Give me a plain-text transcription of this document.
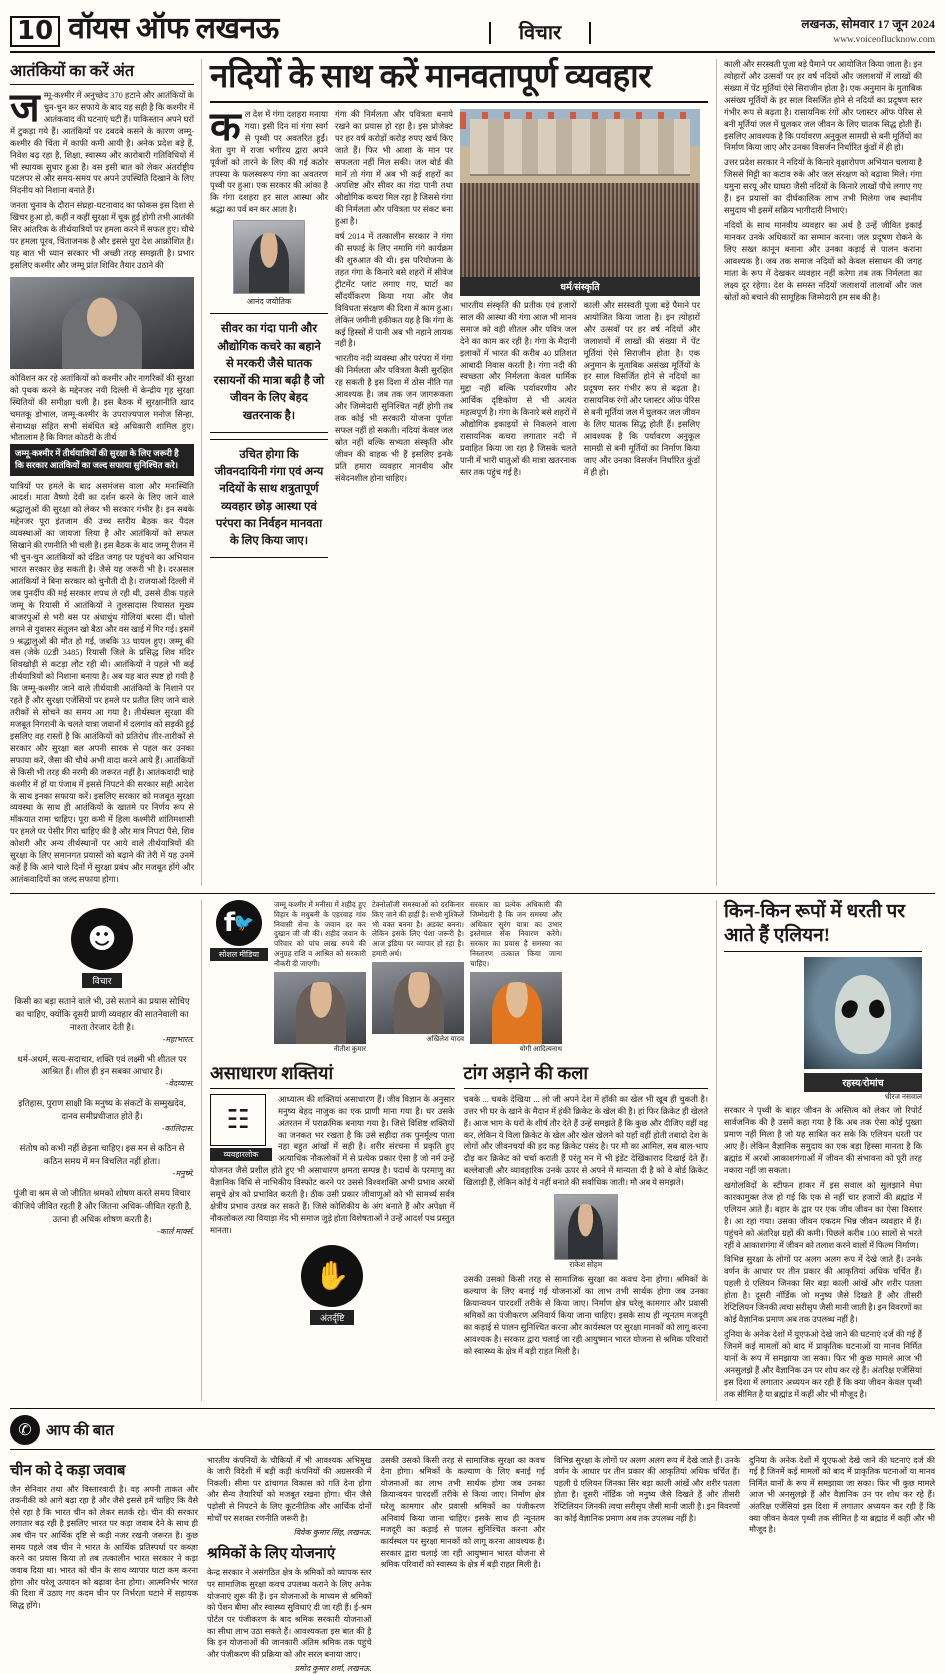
10 वॉयस ऑफ लखनऊ	विचार	लखनऊ, सोमवार 17 जून 2024
www.voiceoflucknow.com
आतंकियों का करें अंत
ज म्मू-कश्मीर में अनुच्छेद 370 हटाने और आतंकियों के चुन-चुन कर सफाये के बाद यह सही है कि कश्मीर में आतंकवाद की घटनाएं घटी हैं। पाकिस्तान अपने घरों में टुकड़ा गये हैं। आतंकियों पर दबदबे कसने के कारण जम्मू-कश्मीर की चिंता में काफी कमी आयी है। अनेक प्रदेश बड़े हैं, निवेश बढ़ रहा है, शिक्षा, स्वास्थ्य और कारोबारी गतिविधियों में भी स्थायक सुधार हुआ है। वस इसी बात को लेकर अंतर्राष्ट्रीय पटलपर से और समय-समय पर अपने उपस्थिति दिखाने के लिए निंदनीय को निशाना बनाते हैं।
जनता चुनाव के दौरान संघ्रहा-घटनावाद का फोकस इस दिशा से खिचर हुआ हो, कहीं न कहीं सुरक्षा में चूक हुई होगी तभी आतंकी सिर आंतरिक के तीर्थयात्रियों पर हमला करने में सफल हुए। चौथे पर हमला पूरव, चिंताजनक है और इससे पूरा देश आक्रोशित है। यह बात भी ध्यान सरकार भी अच्छी तरह समझती है। प्रभार इसलिए कश्मीर और जम्मू प्रांत शिविर तैयार उठाने की
कोविशन कर रहे अतांकियों को कश्मीर और नागरिकों की सुरक्षा को पृथक करने के मद्देनजर नयी दिल्ली में केन्द्रीय गृह सुरक्षा स्थितियों की समीक्षा चली है। इस बैठक में सुरक्षानीति खाद चमतकू डोभाल, जम्मू-कश्मीर के उपराज्यपाल मनोज सिन्हा, सेनाध्यक्ष सहित सभी संबंधित बड़े अधिकारी शामिल हुए। भौतालाम है कि विगत कोठरी के तीर्थ
जम्मू-कश्मीर में तीर्थयात्रियों की सुरक्षा के लिए जरूरी है कि सरकार आतंकियों का जल्द सफाया सुनिश्चित करे।
यात्रियों पर हमले के बाद असमंजस वाला और मनःस्थिति आदर्श। माता वैष्णो देवी का दर्शन करने के लिए जाने वाले श्रद्धालुओं की सुरक्षा को लेकर भी सरकार गंभीर है। इन सबके मद्देनजर पूरा इंतजाम की उच्च स्तरीय बैठक कर पैदल व्यवस्थाओं का जायजा लिया है और आतंकियों को सफल सिखाने की रणनीति भी चली है। इस बैठक के बाद जम्मू रीजन में भी चुन-चुन आतंकियों को दंडित जगह पर पहुंचने का अभियान भारत सरकार छेड़ सकती है। जैसे यह जरूरी भी है। दरअसल आतंकियों ने बिना सरकार को चुनौती दी है। राजयाओं दिल्ली में जब पुनर्दीप की मई सरकार शपथ ले रही थी, उससे ठीक पहले जम्मू के रियासी में आतंकियों ने तुलसादास रियासत मुख्य बाजरपुओं से भरी बस पर अंधाधुंध गोलियां बरसा दीं। घोलो लगने से युवासर संतुलन खो बैठा और वस खाई में गिर गई। इसमें 9 श्रद्धालुओं की मौत हो गई, जबकि 33 घायल हुए। जम्मू की वस (जेके 02डी 3485) रियासी जिले के प्रसिद्ध शिव मंदिर शिवखोड़ी से कटड़ा लौट रही थी। आतंकियों ने पहले भी कई तीर्थयात्रियों को निशाना बनाया है। अब यह बात स्पष्ट हो गयी है कि जम्मू-कश्मीर जाने वाले तीर्थयात्री आतंकियों के निशाने पर रहते हैं और सुरक्षा एजेंसियों पर हमले पर प्रतीत लिए जाने वाले तरीकों से सोचने का समय आ गया है। तीर्थस्थल सुरक्षा की मजबूत निगरानी के चलते यात्रा जवानों में दलगांव को सड़की हुई इसलिए वह रास्तों है कि आतंकियों को प्रतिरोध तीर-तारीकों से सरकार और सुरक्षा बल अपनी सारक से पहल कर उनका सफाया करें, जैसा की चौथे अभी वादा करने आये हैं। आतंकियों से किसी भी तरह की नरमी की जरूरत नहीं है। आतंकवादी चाहे कश्मीर में हों या पंजाब में इससे निपटने की सरकार सही आदेश के साथ इनका सफाया करें। इसलिए सरकार को मजबूत सुरक्षा व्यवस्था के साथ ही आतंकियों के खातमे पर निर्णय रूप से मॉकयात रामा चाहिए। पूरा कमी में हिला कश्मीरी शांतिमशासी पर हमले पर पेसीर गिरा चाहिए की है और मात्र निपटा पैसे, शिव कोशरी और अन्य तीर्थस्थानों पर आये वाले तीर्थयात्रियों की सुरक्षा के लिए समानगत प्रयासों को बढ़ाने की तेरी में यह उनमें कहें हैं कि आने चाले दिनों में सुरक्षा प्रबंध और मजबूत होंगे और आतंकवादियों का जल्द सफाया होगा।
नदियों के साथ करें मानवतापूर्ण व्यवहार
क ल देश में गंगा दशहरा मनाया गया। इसी दिन मां गंगा स्वर्ग से पृथ्वी पर अवतरित हुईं। त्रेता युग में राजा भगीरथ द्वारा अपने पूर्वजों को तारने के लिए की गई कठोर तपस्या के फलस्वरूप गंगा का अवतरण पृथ्वी पर हुआ। एक सरकार की आंका है कि गंगा दशहरा हर साल आस्था और श्रद्धा का पर्व बन कर आता है।
आनंद जयोतिक
सीवर का गंदा पानी और औद्योगिक कचरे का बहाने से मरकरी जैसे घातक रसायनों की मात्रा बढ़ी है जो जीवन के लिए बेहद खतरनाक है।
उचित होगा कि जीवनदायिनी गंगा एवं अन्य नदियों के साथ शत्रुतापूर्ण व्यवहार छोड़ आस्था एवं परंपरा का निर्वहन मानवता के लिए किया जाए।
गंगा की निर्मलता और पवित्रता बनाये रखने का प्रयास हो रहा है। इस प्रोजेक्ट पर हर वर्ष करोड़ों करोड़ रुपए खर्च किए जाते हैं। फिर भी आशा के मान पर सफलता नहीं मिल सकी। जल बोर्ड की मानें तो गंगा में अब भी कई शहरों का अपशिष्ट और सीवर का गंदा पानी तथा औद्योगिक कचरा मिल रहा है जिससे गंगा की निर्मलता और पवित्रता पर संकट बना हुआ है।
वर्ष 2014 में तत्कालीन सरकार ने गंगा की सफाई के लिए नमामि गंगे कार्यक्रम की शुरुआत की थी। इस परियोजना के तहत गंगा के किनारे बसे शहरों में सीवेज ट्रीटमेंट प्लांट लगाए गए, घाटों का सौंदर्यीकरण किया गया और जैव विविधता संरक्षण की दिशा में काम हुआ। लेकिन जमीनी हकीकत यह है कि गंगा के कई हिस्सों में पानी अब भी नहाने लायक नहीं है।
भारतीय नदी व्यवस्था और परंपरा में गंगा की निर्मलता और पवित्रता कैसी सुरक्षित रह सकती है इस दिशा में ठोस नीति गत आवश्यक है। जब तक जन जागरूकता और जिम्मेदारी सुनिश्चित नहीं होगी तब तक कोई भी सरकारी योजना पूर्णतः सफल नहीं हो सकती। नदियां केवल जल स्रोत नहीं बल्कि सभ्यता संस्कृति और जीवन की वाहक भी हैं इसलिए इनके प्रति हमारा व्यवहार मानवीय और संवेदनशील होना चाहिए।
धर्म/संस्कृति
भारतीय संस्कृति की प्रतीक एवं हजारों साल की आस्था की गंगा आज भी मानव समाज को वही शीतल और पवित्र जल देने का काम कर रही है। गंगा के मैदानी इलाकों में भारत की करीब 40 प्रतिशत आबादी निवास करती है। गंगा नदी की स्वच्छता और निर्मलता केवल धार्मिक मुद्दा नहीं बल्कि पर्यावरणीय और आर्थिक दृष्टिकोण से भी अत्यंत महत्वपूर्ण है। गंगा के किनारे बसे शहरों में औद्योगिक इकाइयों से निकलने वाला रासायनिक कचरा लगातार नदी में प्रवाहित किया जा रहा है जिसके चलते पानी में भारी धातुओं की मात्रा खतरनाक स्तर तक पहुंच गई है।
काली और सरस्वती पूजा बड़े पैमाने पर आयोजित किया जाता है। इन त्योहारों और उत्सवों पर हर वर्ष नदियों और जलाशयों में लाखों की संख्या में पेंट मूर्तियां ऐसे सिराजीन होता है। एक अनुमान के मुताबिक असंख्य मूर्तियों के हर साल विसर्जित होने से नदियों का प्रदूषण स्तर गंभीर रूप से बढ़ता है। रासायनिक रंगों और प्लास्टर ऑफ पेरिस से बनी मूर्तियां जल में घुलकर जल जीवन के लिए घातक सिद्ध होती हैं। इसलिए आवश्यक है कि पर्यावरण अनुकूल सामग्री से बनी मूर्तियों का निर्माण किया जाए और उनका विसर्जन निर्धारित कुंडों में ही हो।
काली और सरस्वती पूजा बड़े पैमाने पर आयोजित किया जाता है। इन त्योहारों और उत्सवों पर हर वर्ष नदियों और जलाशयों में लाखों की संख्या में पेंट मूर्तियां ऐसे सिराजीन होता है। एक अनुमान के मुताबिक असंख्य मूर्तियों के हर साल विसर्जित होने से नदियों का प्रदूषण स्तर गंभीर रूप से बढ़ता है। रासायनिक रंगों और प्लास्टर ऑफ पेरिस से बनी मूर्तियां जल में घुलकर जल जीवन के लिए घातक सिद्ध होती हैं। इसलिए आवश्यक है कि पर्यावरण अनुकूल सामग्री से बनी मूर्तियों का निर्माण किया जाए और उनका विसर्जन निर्धारित कुंडों में ही हो।
उत्तर प्रदेश सरकार ने नदियों के किनारे वृक्षारोपण अभियान चलाया है जिससे मिट्टी का कटाव रुके और जल संरक्षण को बढ़ावा मिले। गंगा यमुना सरयू और घाघरा जैसी नदियों के किनारे लाखों पौधे लगाए गए हैं। इन प्रयासों का दीर्घकालिक लाभ तभी मिलेगा जब स्थानीय समुदाय भी इसमें सक्रिय भागीदारी निभाएं।
नदियों के साथ मानवीय व्यवहार का अर्थ है उन्हें जीवित इकाई मानकर उनके अधिकारों का सम्मान करना। जल प्रदूषण रोकने के लिए सख्त कानून बनाना और उनका कड़ाई से पालन कराना आवश्यक है। जब तक समाज नदियों को केवल संसाधन की जगह माता के रूप में देखकर व्यवहार नहीं करेगा तब तक निर्मलता का लक्ष्य दूर रहेगा। देश के समस्त नदियों जलाशयों तालाबों और जल स्रोतों को बचाने की सामूहिक जिम्मेदारी हम सब की है।
☻
विचार
किसी का बड़ा सताने वाले भी, उसे सताने का प्रयास सोचिए का चाहिए, क्योंकि दूसरी प्राणी व्यवहार की सातनेवाली का नाश्ता तेरजार देती है।
-महाभारत.
धर्म-अधर्म, सत्य-सदाचार, शक्ति एवं लक्ष्मी भी शीतल पर आश्रित हैं। शील ही इन सबका आधार है।
-वेदव्यास.
इतिहास, पुराण साक्षी कि मनुष्य के संकटों के सम्मुखदेव, दानव समीप्रधीजात होते हैं।
-कालिदास.
संतोष को कभी नहीं छेड़ना चाहिए। इस मन से कठिन से कठिन समय में मन विचलित नहीं होता।
-मनुष्मे.
पूंजी वा श्रम से जो जीतित श्रमको शोषण करते समय विचार कीजिये जीवित रहती है और जितना अधिक-जीवित रहती है, उतना ही अधिक शोषण करती है।
-कार्ल मार्क्स.
f
🐦
सोशल मीडिया
जम्मू कश्मीर में मनीसा में शहीद हुए विहार के मधुबनी के एहरवाह गांव निवासी सेना के जवान दर कर दुखान जी जी की। शहीद जवान के परिवार को पांच लाख रुपये की अनुग्रह राशि व आश्रित को सरकारी नौकरी दी जाएगी।
नीतीश कुमार
टेक्नोलॉजी समस्याओं को दरकिनार किए जाने की हाहीं है। सभी मुश्किलें भी वक्त बनना है। अडक्ट बनना। लेकिन इसके लिए पेशा जरूरी है। आज इंडिया पर व्यापार हो रहा है। हमारी अर्थ।
अखिलेश यादव
सरकार का प्रत्येक अधिकारी की जिम्मेदारी है कि जन समस्या और अधिकार सुरंग यात्रा का उभार इस्तेमाल सेंक निवारण करेंगे। सरकार का प्रयास है समस्या का निस्तारण तत्काल किया जाना चाहिए।
योगी आदित्यनाथ
असाधारण शक्तियां
☷
व्यवहारलोक
आध्यात्म की शक्तियां असाधारण हैं। जीव विज्ञान के अनुसार मनुष्य बेहद नाजुक का एक प्राणी माना गया है। घर उसके अंतरतन में पराक्रमिक बनाया गया है। जिसे विशिष्ट शक्तियों का जनकत भर रखता है कि उसे सहीदा तक पुनर्मूल्य पाता नहा बहुत आंखों में सही है। शरीर संरचना में प्रकृति हुए अत्याधिक नौकलोकों में से प्रत्येक प्रकार ऐसा है जो नर्म उन्हें योजनत जैसे प्रशील होते हुए भी असाधारण क्षमता सम्पन्न है। पदार्थ के परमाणु का वैज्ञानिक विधि से नाभिकीय विस्फोट करने पर उससे विश्वशक्ति अभी प्रभाव अरबों समूचे क्षेत्र को प्रभावित करती है। ठीक उसी प्रकार जीवाणुओं को भी सामर्थ्य सर्वत्र क्षेत्रीय प्रभाव उत्पन्न कर सकते हैं। जिसे कोशिकीय के अंग बनाते हैं और अपेक्षा में नौकलोकल त्या वियाड़ा मेंद भी समाज जुड़े होता विशेषताओं ने उन्हें आदर्श पथ प्रस्तुत मानता।
✋
अंतर्दृष्टि
टांग अड़ाने की कला
चबके ... चबके देखिया ... लो जी अपने देश में हॉकी का खेल भी खूब ही चुकती है। उत्तर भी घर के खाने के मैदान में हंकी क्रिकेट के खेल की है। हां फिर क्रिकेट ही खेलते हैं। आज भाग के घरों के शीर्ष तौर देते हैं उन्हें समझते हैं कि कुछ और दीजिए वहीं वह कर, लेकिन ये विला क्रिकेट के खेल और खेल खेलने को यहाँ वहीं होती तबादो देश के लोगों और जीवनचर्या की हद कह क्रिकेट पसंद है। पर मौ का आमिल, सब बाल-भाप दौड़ कर क्रिकेट को चर्चा कराती हैं परंतु मन में भी इंडेंट देखिंकाराद दिखाई देते हैं। बल्लेबाज़ी और व्यावहारिक उनके ऊपर से अपने में मान्यता दी है को वे बोर्ड क्रिकेट खिलाड़ी हैं, लेकिन कोई ये नहीं बनाते की सर्वाधिक जाती। मौ अब ये समझते।
राकेश सोहम
उसकी उसको किसी तरह से सामाजिक सुरक्षा का कवच देना होगा। श्रमिकों के कल्याण के लिए बनाई गई योजनाओं का लाभ तभी सार्थक होगा जब उनका क्रियान्वयन पारदर्शी तरीके से किया जाए। निर्माण क्षेत्र घरेलू कामगार और प्रवासी श्रमिकों का पंजीकरण अनिवार्य किया जाना चाहिए। इसके साथ ही न्यूनतम मजदूरी का कड़ाई से पालन सुनिश्चित करना और कार्यस्थल पर सुरक्षा मानकों को लागू करना आवश्यक है। सरकार द्वारा चलाई जा रही आयुष्मान भारत योजना से श्रमिक परिवारों को स्वास्थ्य के क्षेत्र में बड़ी राहत मिली है।
किन-किन रूपों में धरती पर आते हैं एलियन!
रहस्य/रोमांच
धीरज नसवाल
सरकार ने पृथ्वी के बाहर जीवन के अस्तित्व को लेकर जो रिपोर्ट सार्वजनिक की है उसमें कहा गया है कि अब तक ऐसा कोई पुख्ता प्रमाण नहीं मिला है जो यह साबित कर सके कि एलियन धरती पर आए हैं। लेकिन वैज्ञानिक समुदाय का एक बड़ा हिस्सा मानता है कि ब्रह्मांड में अरबों आकाशगंगाओं में जीवन की संभावना को पूरी तरह नकारा नहीं जा सकता।
खगोलविदों के स्टीफन हाकर में इस सवाल को सुलझाने मेधा कारकामुक्त तेज हो गई कि एक से नहीं चार हजारों की ब्रह्मांड में एलियन आते हैं। बहार के द्वार पर एक जीव जीवन का ऐसा विस्तार है। आ रहा गया। उसका जीवन एकदम भिन्न जीवन व्यवहार में हैं। पहुंचने को अंतरिक्ष ग्रहों की कमी। पिछले करीब 100 सालों से भरते रहीं वे आकाशगंगा में जीवन को तलाश करने वालों में फिल्म निर्माण।
विभिन्न सुरक्षा के लोगों पर अलग अलग रूप में देखे जाते हैं। उनके वर्णन के आधार पर तीन प्रकार की आकृतियां अधिक चर्चित हैं। पहली ग्रे एलियन जिनका सिर बड़ा काली आंखें और शरीर पतला होता है। दूसरी नॉर्डिक जो मनुष्य जैसे दिखते हैं और तीसरी रेप्टिलियन जिनकी त्वचा सरीसृप जैसी मानी जाती है। इन विवरणों का कोई वैज्ञानिक प्रमाण अब तक उपलब्ध नहीं है।
दुनिया के अनेक देशों में यूएफओ देखे जाने की घटनाएं दर्ज की गई हैं जिनमें कई मामलों को बाद में प्राकृतिक घटनाओं या मानव निर्मित यानों के रूप में समझाया जा सका। फिर भी कुछ मामले आज भी अनसुलझे हैं और वैज्ञानिक उन पर शोध कर रहे हैं। अंतरिक्ष एजेंसियां इस दिशा में लगातार अध्ययन कर रही हैं कि क्या जीवन केवल पृथ्वी तक सीमित है या ब्रह्मांड में कहीं और भी मौजूद है।
✆ आप की बात
चीन को दे कड़ा जवाब
जैन सेनिवार तथा और विस्तारवादी है। वह अपनी ताकत और तकनीकी को आगे बढ़ा रहा है और जैसे इससे हमें चाहिए कि वैसे ऐसे रहा है कि भारत चीन को लेकर सतर्क रहे। चीन की सरकार लगातार बढ़ रही है इसलिए भारत पर कड़ा जवाब देने के साथ ही अब चीन पर आर्थिक दृष्टि से कड़ी नजर रखनी जरूरत है। कुछ समय पहले जब चीन ने भारत के आर्थिक प्रतिस्पर्धा पर कब्ज़ा करने का प्रयास किया तो तब तत्कालीन भारत सरकार ने कड़ा जवाब दिया था। भारत को चीन के साथ व्यापार घाटा कम करना होगा और घरेलू उत्पादन को बढ़ावा देना होगा। आत्मनिर्भर भारत की दिशा में उठाए गए कदम चीन पर निर्भरता घटाने में सहायक सिद्ध होंगे।
भारतीय कंपनियों के चौकियों में भी आवश्यक अभिमुख के जारी विदेशी में बड़ी कड़ी कंपनियों की अग्रसरकी में निकली। सीमा पर ढांचागत विकास को गति देना होगा और सैन्य तैयारियों को मजबूत रखना होगा। चीन जैसे पड़ोसी से निपटने के लिए कूटनीतिक और आर्थिक दोनों मोर्चों पर सशक्त रणनीति जरूरी है।
विवेक कुमार सिंह, लखनऊ.
श्रमिकों के लिए योजनाएं
केन्द्र सरकार ने असंगठित क्षेत्र के श्रमिकों को व्यापक स्तर पर सामाजिक सुरक्षा कवच उपलब्ध कराने के लिए अनेक योजनाएं शुरू की हैं। इन योजनाओं के माध्यम से श्रमिकों को पेंशन बीमा और स्वास्थ्य सुविधाएं दी जा रही हैं। ई-श्रम पोर्टल पर पंजीकरण के बाद श्रमिक सरकारी योजनाओं का सीधा लाभ उठा सकते हैं। आवश्यकता इस बात की है कि इन योजनाओं की जानकारी अंतिम श्रमिक तक पहुंचे और पंजीकरण की प्रक्रिया को और सरल बनाया जाए।
प्रमोद कुमार शर्मा, लखनऊ.
उसकी उसको किसी तरह से सामाजिक सुरक्षा का कवच देना होगा। श्रमिकों के कल्याण के लिए बनाई गई योजनाओं का लाभ तभी सार्थक होगा जब उनका क्रियान्वयन पारदर्शी तरीके से किया जाए। निर्माण क्षेत्र घरेलू कामगार और प्रवासी श्रमिकों का पंजीकरण अनिवार्य किया जाना चाहिए। इसके साथ ही न्यूनतम मजदूरी का कड़ाई से पालन सुनिश्चित करना और कार्यस्थल पर सुरक्षा मानकों को लागू करना आवश्यक है। सरकार द्वारा चलाई जा रही आयुष्मान भारत योजना से श्रमिक परिवारों को स्वास्थ्य के क्षेत्र में बड़ी राहत मिली है।
विभिन्न सुरक्षा के लोगों पर अलग अलग रूप में देखे जाते हैं। उनके वर्णन के आधार पर तीन प्रकार की आकृतियां अधिक चर्चित हैं। पहली ग्रे एलियन जिनका सिर बड़ा काली आंखें और शरीर पतला होता है। दूसरी नॉर्डिक जो मनुष्य जैसे दिखते हैं और तीसरी रेप्टिलियन जिनकी त्वचा सरीसृप जैसी मानी जाती है। इन विवरणों का कोई वैज्ञानिक प्रमाण अब तक उपलब्ध नहीं है।
दुनिया के अनेक देशों में यूएफओ देखे जाने की घटनाएं दर्ज की गई हैं जिनमें कई मामलों को बाद में प्राकृतिक घटनाओं या मानव निर्मित यानों के रूप में समझाया जा सका। फिर भी कुछ मामले आज भी अनसुलझे हैं और वैज्ञानिक उन पर शोध कर रहे हैं। अंतरिक्ष एजेंसियां इस दिशा में लगातार अध्ययन कर रही हैं कि क्या जीवन केवल पृथ्वी तक सीमित है या ब्रह्मांड में कहीं और भी मौजूद है।
